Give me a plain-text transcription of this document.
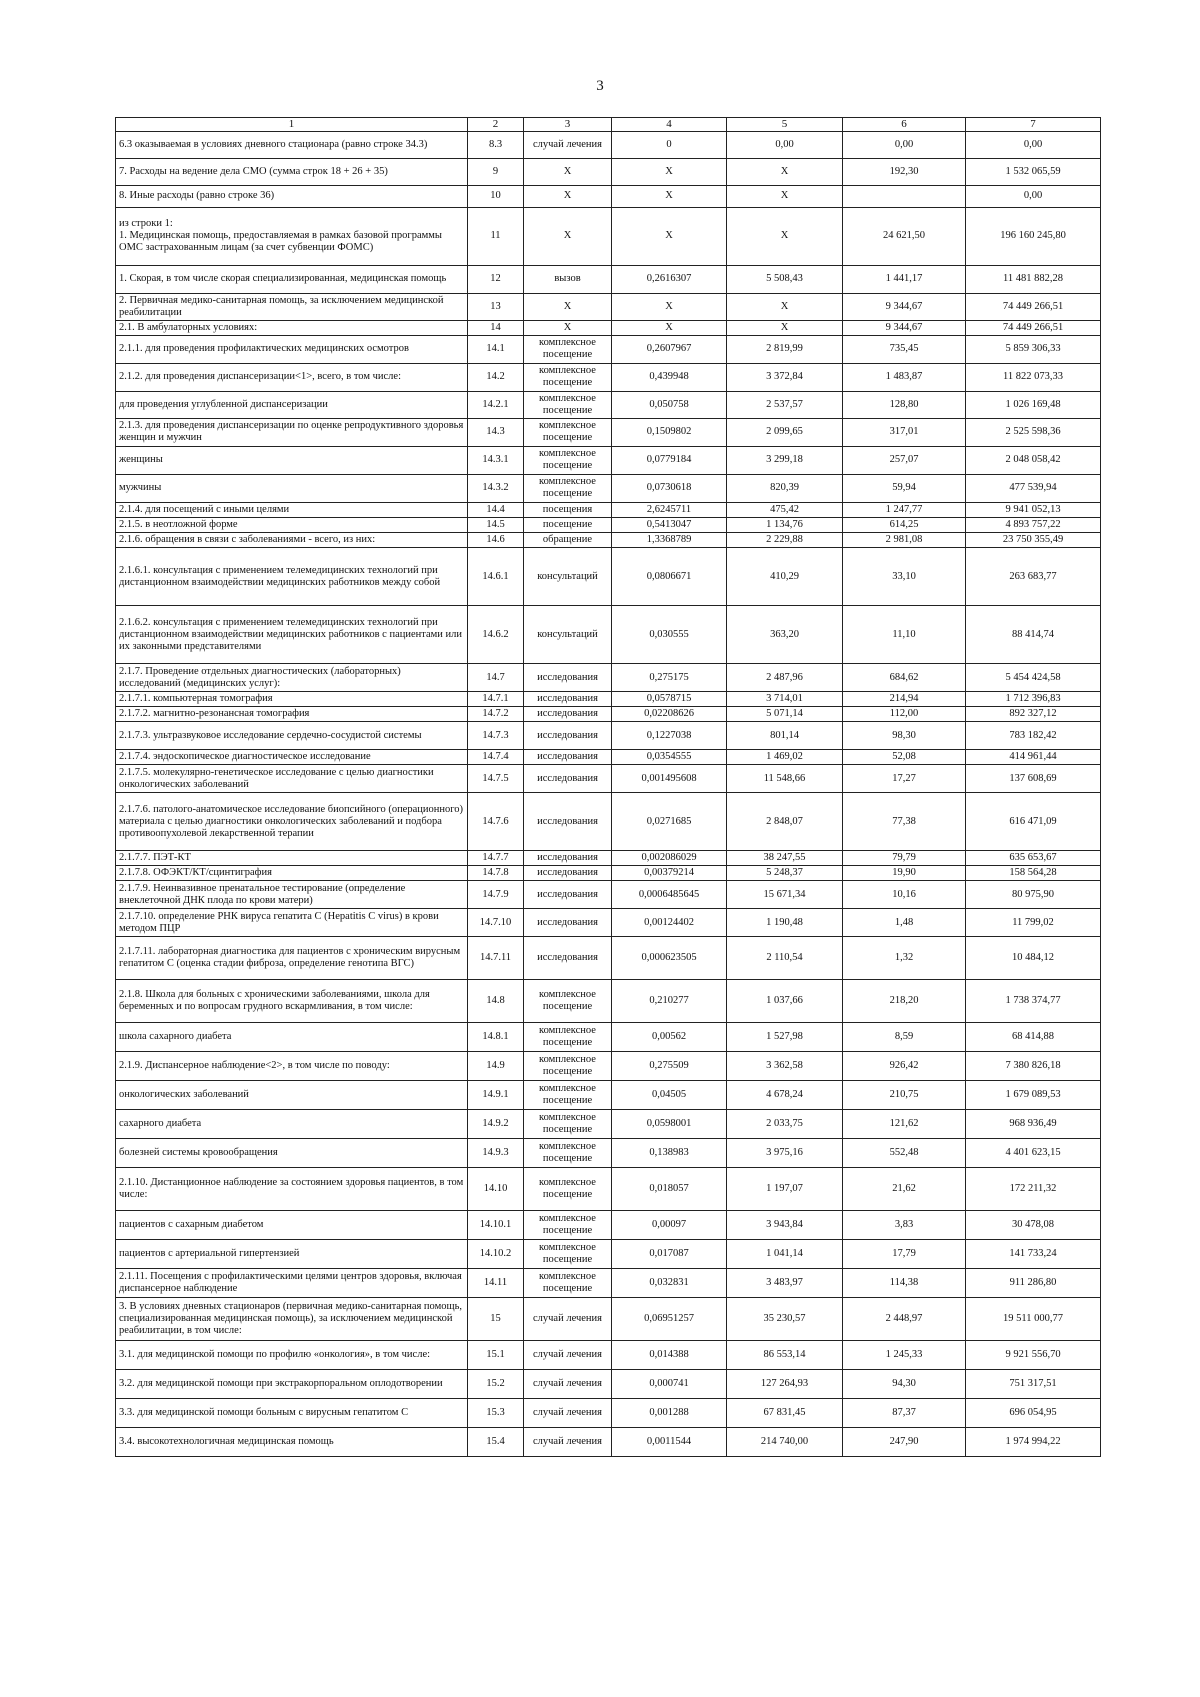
3
1	2	3	4	5	6	7
6.3 оказываемая в условиях дневного стационара (равно строке 34.3)	8.3	случай лечения	0	0,00	0,00	0,00
7. Расходы на ведение дела СМО (сумма строк 18 + 26 + 35)	9	X	X	X	192,30	1 532 065,59
8. Иные расходы (равно строке 36)	10	X	X	X		0,00
из строки 1:
1. Медицинская помощь, предоставляемая в рамках базовой программы ОМС застрахованным лицам (за счет субвенции ФОМС)	11	X	X	X	24 621,50	196 160 245,80
1. Скорая, в том числе скорая специализированная, медицинская помощь	12	вызов	0,2616307	5 508,43	1 441,17	11 481 882,28
2. Первичная медико-санитарная помощь, за исключением медицинской реабилитации	13	X	X	X	9 344,67	74 449 266,51
2.1. В амбулаторных условиях:	14	X	X	X	9 344,67	74 449 266,51
2.1.1. для проведения профилактических медицинских осмотров	14.1	комплексное посещение	0,2607967	2 819,99	735,45	5 859 306,33
2.1.2. для проведения диспансеризации<1>, всего, в том числе:	14.2	комплексное посещение	0,439948	3 372,84	1 483,87	11 822 073,33
для проведения углубленной диспансеризации	14.2.1	комплексное посещение	0,050758	2 537,57	128,80	1 026 169,48
2.1.3. для проведения диспансеризации по оценке репродуктивного здоровья женщин и мужчин	14.3	комплексное посещение	0,1509802	2 099,65	317,01	2 525 598,36
женщины	14.3.1	комплексное посещение	0,0779184	3 299,18	257,07	2 048 058,42
мужчины	14.3.2	комплексное посещение	0,0730618	820,39	59,94	477 539,94
2.1.4. для посещений с иными целями	14.4	посещения	2,6245711	475,42	1 247,77	9 941 052,13
2.1.5. в неотложной форме	14.5	посещение	0,5413047	1 134,76	614,25	4 893 757,22
2.1.6. обращения в связи с заболеваниями - всего, из них:	14.6	обращение	1,3368789	2 229,88	2 981,08	23 750 355,49
2.1.6.1. консультация с применением телемедицинских технологий при дистанционном взаимодействии медицинских работников между собой	14.6.1	консультаций	0,0806671	410,29	33,10	263 683,77
2.1.6.2. консультация с применением телемедицинских технологий при дистанционном взаимодействии медицинских работников с пациентами или их законными представителями	14.6.2	консультаций	0,030555	363,20	11,10	88 414,74
2.1.7. Проведение отдельных диагностических (лабораторных) исследований (медицинских услуг):	14.7	исследования	0,275175	2 487,96	684,62	5 454 424,58
2.1.7.1. компьютерная томография	14.7.1	исследования	0,0578715	3 714,01	214,94	1 712 396,83
2.1.7.2. магнитно-резонансная томография	14.7.2	исследования	0,02208626	5 071,14	112,00	892 327,12
2.1.7.3. ультразвуковое исследование сердечно-сосудистой системы	14.7.3	исследования	0,1227038	801,14	98,30	783 182,42
2.1.7.4. эндоскопическое диагностическое исследование	14.7.4	исследования	0,0354555	1 469,02	52,08	414 961,44
2.1.7.5. молекулярно-генетическое исследование с целью диагностики онкологических заболеваний	14.7.5	исследования	0,001495608	11 548,66	17,27	137 608,69
2.1.7.6. патолого-анатомическое исследование биопсийного (операционного) материала с целью диагностики онкологических заболеваний и подбора противоопухолевой лекарственной терапии	14.7.6	исследования	0,0271685	2 848,07	77,38	616 471,09
2.1.7.7. ПЭТ-КТ	14.7.7	исследования	0,002086029	38 247,55	79,79	635 653,67
2.1.7.8. ОФЭКТ/КТ/сцинтиграфия	14.7.8	исследования	0,00379214	5 248,37	19,90	158 564,28
2.1.7.9. Неинвазивное пренатальное тестирование (определение внеклеточной ДНК плода по крови матери)	14.7.9	исследования	0,0006485645	15 671,34	10,16	80 975,90
2.1.7.10. определение РНК вируса гепатита С (Hepatitis C virus) в крови методом ПЦР	14.7.10	исследования	0,00124402	1 190,48	1,48	11 799,02
2.1.7.11. лабораторная диагностика для пациентов с хроническим вирусным гепатитом С (оценка стадии фиброза, определение генотипа ВГС)	14.7.11	исследования	0,000623505	2 110,54	1,32	10 484,12
2.1.8. Школа для больных с хроническими заболеваниями, школа для беременных и по вопросам грудного вскармливания, в том числе:	14.8	комплексное посещение	0,210277	1 037,66	218,20	1 738 374,77
школа сахарного диабета	14.8.1	комплексное посещение	0,00562	1 527,98	8,59	68 414,88
2.1.9. Диспансерное наблюдение<2>, в том числе по поводу:	14.9	комплексное посещение	0,275509	3 362,58	926,42	7 380 826,18
онкологических заболеваний	14.9.1	комплексное посещение	0,04505	4 678,24	210,75	1 679 089,53
сахарного диабета	14.9.2	комплексное посещение	0,0598001	2 033,75	121,62	968 936,49
болезней системы кровообращения	14.9.3	комплексное посещение	0,138983	3 975,16	552,48	4 401 623,15
2.1.10. Дистанционное наблюдение за состоянием здоровья пациентов, в том числе:	14.10	комплексное посещение	0,018057	1 197,07	21,62	172 211,32
пациентов с сахарным диабетом	14.10.1	комплексное посещение	0,00097	3 943,84	3,83	30 478,08
пациентов с артериальной гипертензией	14.10.2	комплексное посещение	0,017087	1 041,14	17,79	141 733,24
2.1.11. Посещения с профилактическими целями центров здоровья, включая диспансерное наблюдение	14.11	комплексное посещение	0,032831	3 483,97	114,38	911 286,80
3. В условиях дневных стационаров (первичная медико-санитарная помощь, специализированная медицинская помощь), за исключением медицинской реабилитации, в том числе:	15	случай лечения	0,06951257	35 230,57	2 448,97	19 511 000,77
3.1. для медицинской помощи по профилю «онкология», в том числе:	15.1	случай лечения	0,014388	86 553,14	1 245,33	9 921 556,70
3.2. для медицинской помощи при экстракорпоральном оплодотворении	15.2	случай лечения	0,000741	127 264,93	94,30	751 317,51
3.3. для медицинской помощи больным с вирусным гепатитом С	15.3	случай лечения	0,001288	67 831,45	87,37	696 054,95
3.4. высокотехнологичная медицинская помощь	15.4	случай лечения	0,0011544	214 740,00	247,90	1 974 994,22
